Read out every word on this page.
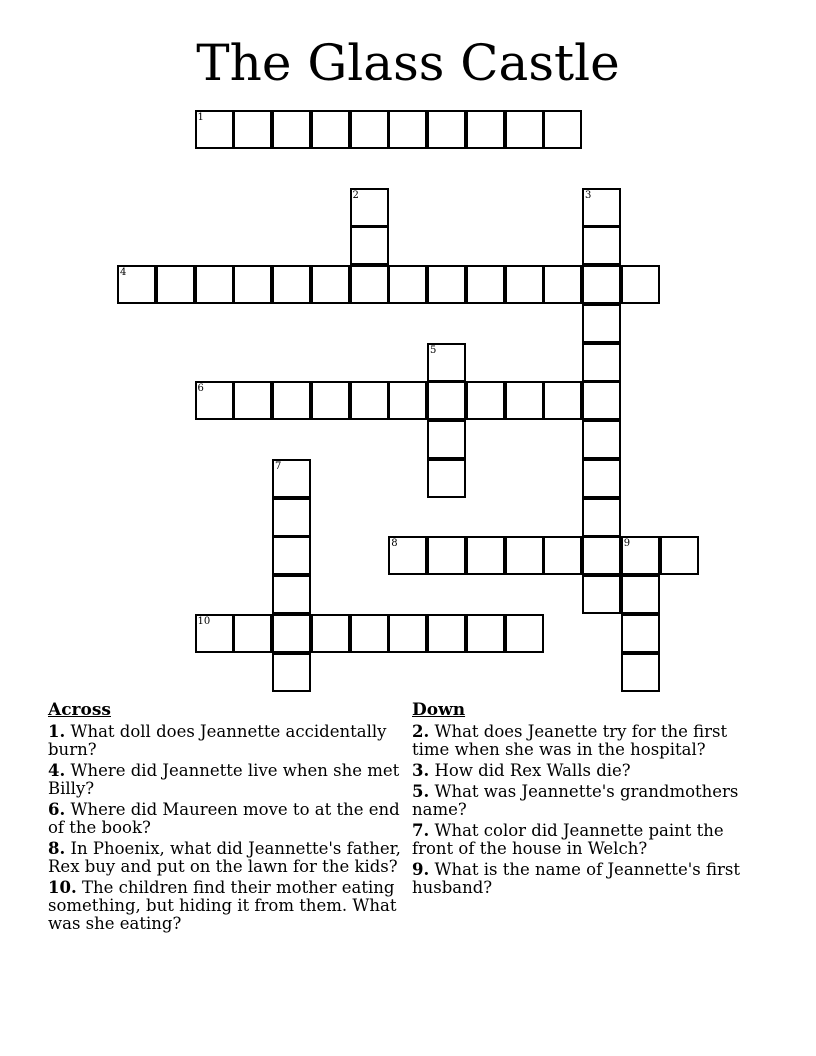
The Glass Castle
1
2	3
4
5
6
7
8	9
10
Across
1. What doll does Jeannette accidentally burn?
4. Where did Jeannette live when she met Billy?
6. Where did Maureen move to at the end of the book?
8. In Phoenix, what did Jeannette's father, Rex buy and put on the lawn for the kids?
10. The children find their mother eating something, but hiding it from them. What was she eating?
Down
2. What does Jeanette try for the first time when she was in the hospital?
3. How did Rex Walls die?
5. What was Jeannette's grandmothers name?
7. What color did Jeannette paint the front of the house in Welch?
9. What is the name of Jeannette's first husband?
